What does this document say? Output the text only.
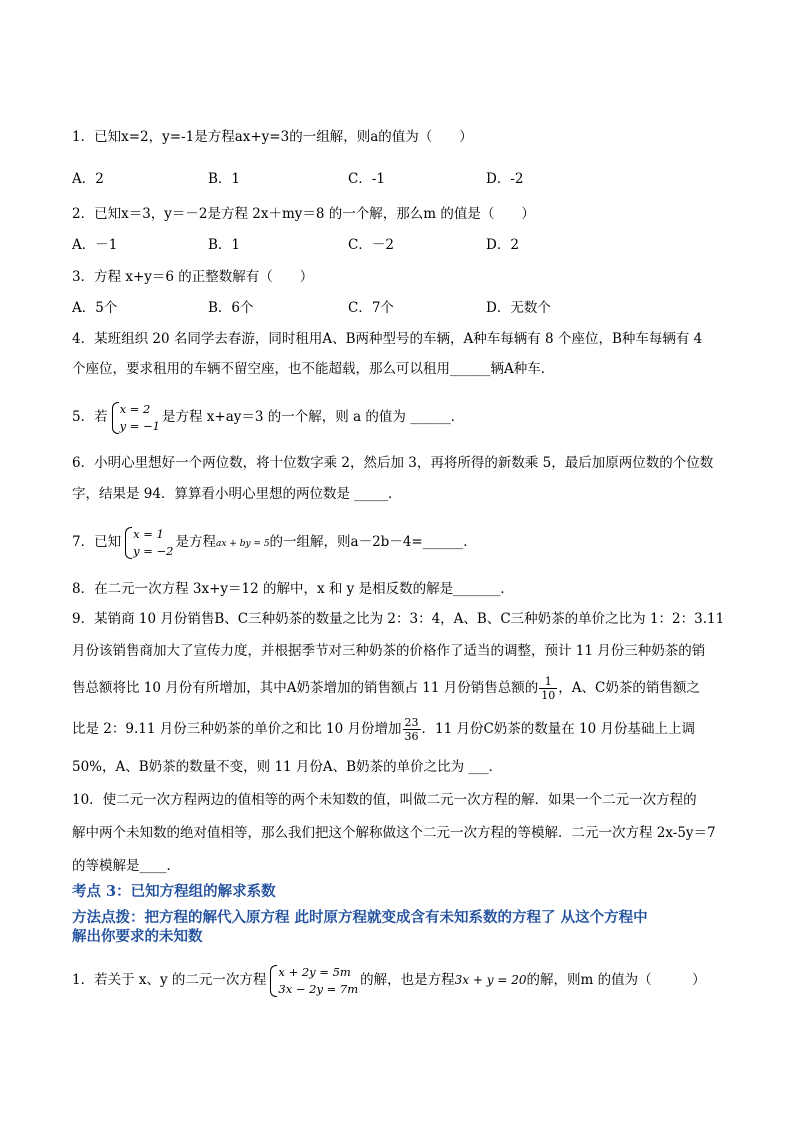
1．已知x=2，y=-1是方程ax+y=3的一组解，则a的值为（　　）
A．2	B．1	C．-1	D．-2
2．已知x＝3，y＝－2是方程 2x＋my＝8 的一个解，那么m 的值是（　　）
A．－1	B．1	C．－2	D．2
3．方程 x+y＝6 的正整数解有（　　）
A．5个	B．6个	C．7个	D．无数个
4．某班组织 20 名同学去春游，同时租用A、B两种型号的车辆，A种车每辆有 8 个座位，B种车每辆有 4
个座位，要求租用的车辆不留空座，也不能超载，那么可以租用______辆A种车．
5．若
x = 2
y = −1
是方程 x+ay＝3 的一个解，则 a 的值为 ______．
6．小明心里想好一个两位数，将十位数字乘 2，然后加 3，再将所得的新数乘 5，最后加原两位数的个位数
字，结果是 94．算算看小明心里想的两位数是 _____．
7．已知
x = 1
y = −2
是方程ax + by = 5的一组解，则a－2b－4=______．
8．在二元一次方程 3x+y＝12 的解中，x 和 y 是相反数的解是_______．
9．某销商 10 月份销售B、C三种奶茶的数量之比为 2：3：4，A、B、C三种奶茶的单价之比为 1：2：3.11
月份该销售商加大了宣传力度，并根据季节对三种奶茶的价格作了适当的调整，预计 11 月份三种奶茶的销
售总额将比 10 月份有所增加，其中A奶茶增加的销售额占 11 月份销售总额的 $\frac{1}{10}$ ，A、C奶茶的销售额之
比是 2：9.11 月份三种奶茶的单价之和比 10 月份增加 $\frac{23}{36}$ ．11 月份C奶茶的数量在 10 月份基础上上调
50%，A、B奶茶的数量不变，则 11 月份A、B奶茶的单价之比为 ___．
10．使二元一次方程两边的值相等的两个未知数的值，叫做二元一次方程的解．如果一个二元一次方程的
解中两个未知数的绝对值相等，那么我们把这个解称做这个二元一次方程的等模解．二元一次方程 2x-5y＝7
的等模解是____．
考点 3：已知方程组的解求系数
方法点拨：把方程的解代入原方程 此时原方程就变成含有未知系数的方程了 从这个方程中
解出你要求的未知数
1．若关于 x、y 的二元一次方程
x + 2y = 5m
3x − 2y = 7m
的解，也是方程3x + y = 20的解，则m 的值为（　　　）
